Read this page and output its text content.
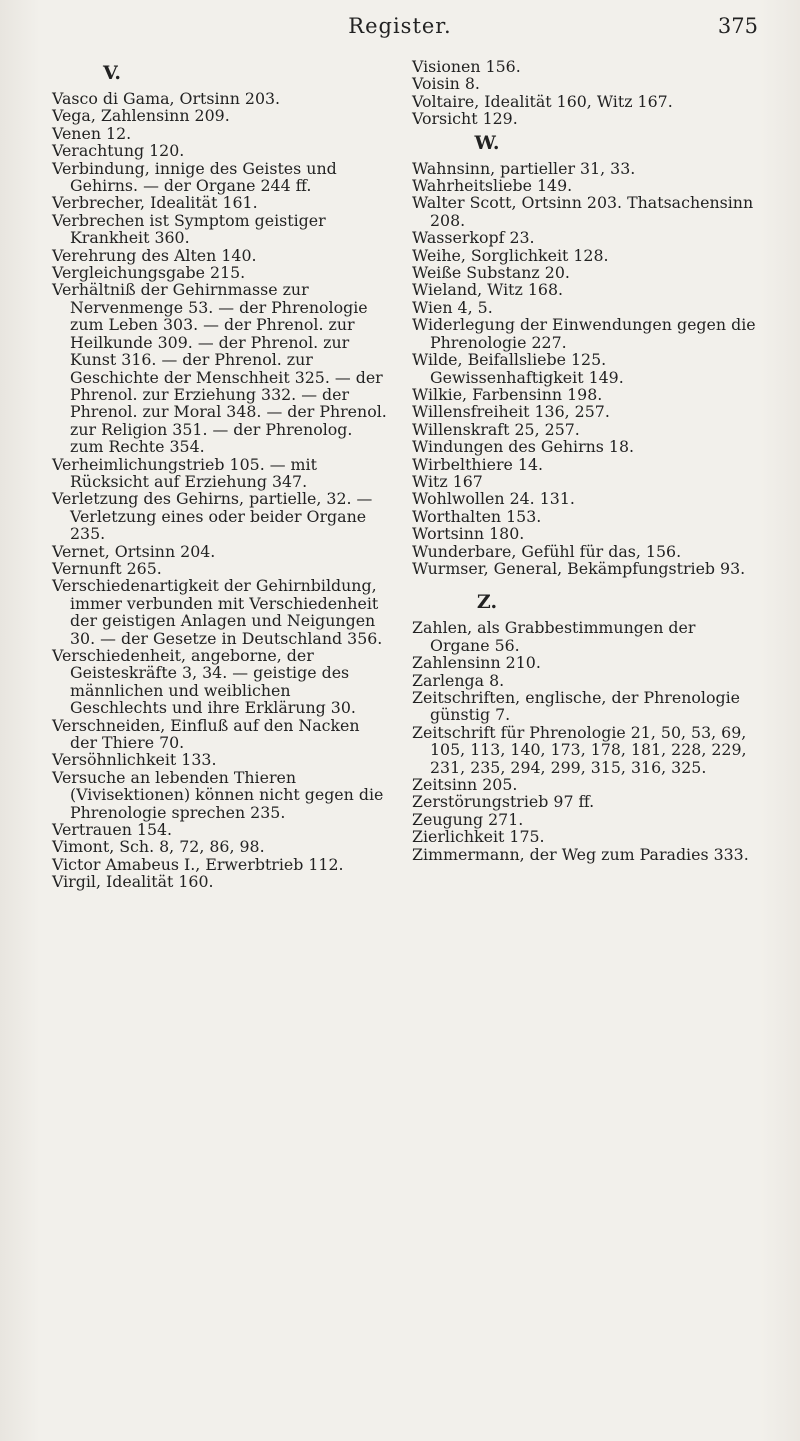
Register.	375
V.

Vasco di Gama, Ortsinn 203.

Vega, Zahlensinn 209.

Venen 12.

Verachtung 120.

Verbindung, innige des Geistes und Gehirns. — der Organe 244 ff.

Verbrecher, Idealität 161.

Verbrechen ist Symptom geistiger Krankheit 360.

Verehrung des Alten 140.

Vergleichungsgabe 215.

Verhältniß der Gehirnmasse zur Nervenmenge 53. — der Phrenologie zum Leben 303. — der Phrenol. zur Heilkunde 309. — der Phrenol. zur Kunst 316. — der Phrenol. zur Geschichte der Menschheit 325. — der Phrenol. zur Erziehung 332. — der Phrenol. zur Moral 348. — der Phrenol. zur Religion 351. — der Phrenolog. zum Rechte 354.

Verheimlichungstrieb 105. — mit Rücksicht auf Erziehung 347.

Verletzung des Gehirns, partielle, 32. — Verletzung eines oder beider Organe 235.

Vernet, Ortsinn 204.

Vernunft 265.

Verschiedenartigkeit der Gehirnbildung, immer verbunden mit Verschiedenheit der geistigen Anlagen und Neigungen 30. — der Gesetze in Deutschland 356.

Verschiedenheit, angeborne, der Geisteskräfte 3, 34. — geistige des männlichen und weiblichen Geschlechts und ihre Erklärung 30.

Verschneiden, Einfluß auf den Nacken der Thiere 70.

Versöhnlichkeit 133.

Versuche an lebenden Thieren (Vivisektionen) können nicht gegen die Phrenologie sprechen 235.

Vertrauen 154.

Vimont, Sch. 8, 72, 86, 98.

Victor Amabeus I., Erwerbtrieb 112.

Virgil, Idealität 160.

Visionen 156.

Voisin 8.

Voltaire, Idealität 160, Witz 167.

Vorsicht 129.

W.

Wahnsinn, partieller 31, 33.

Wahrheitsliebe 149.

Walter Scott, Ortsinn 203. Thatsachensinn 208.

Wasserkopf 23.

Weihe, Sorglichkeit 128.

Weiße Substanz 20.

Wieland, Witz 168.

Wien 4, 5.

Widerlegung der Einwendungen gegen die Phrenologie 227.

Wilde, Beifallsliebe 125. Gewissenhaftigkeit 149.

Wilkie, Farbensinn 198.

Willensfreiheit 136, 257.

Willenskraft 25, 257.

Windungen des Gehirns 18.

Wirbelthiere 14.

Witz 167

Wohlwollen 24. 131.

Worthalten 153.

Wortsinn 180.

Wunderbare, Gefühl für das, 156.

Wurmser, General, Bekämpfungstrieb 93.

Z.

Zahlen, als Grabbestimmungen der Organe 56.

Zahlensinn 210.

Zarlenga 8.

Zeitschriften, englische, der Phrenologie günstig 7.

Zeitschrift für Phrenologie 21, 50, 53, 69, 105, 113, 140, 173, 178, 181, 228, 229, 231, 235, 294, 299, 315, 316, 325.

Zeitsinn 205.

Zerstörungstrieb 97 ff.

Zeugung 271.

Zierlichkeit 175.

Zimmermann, der Weg zum Paradies 333.
